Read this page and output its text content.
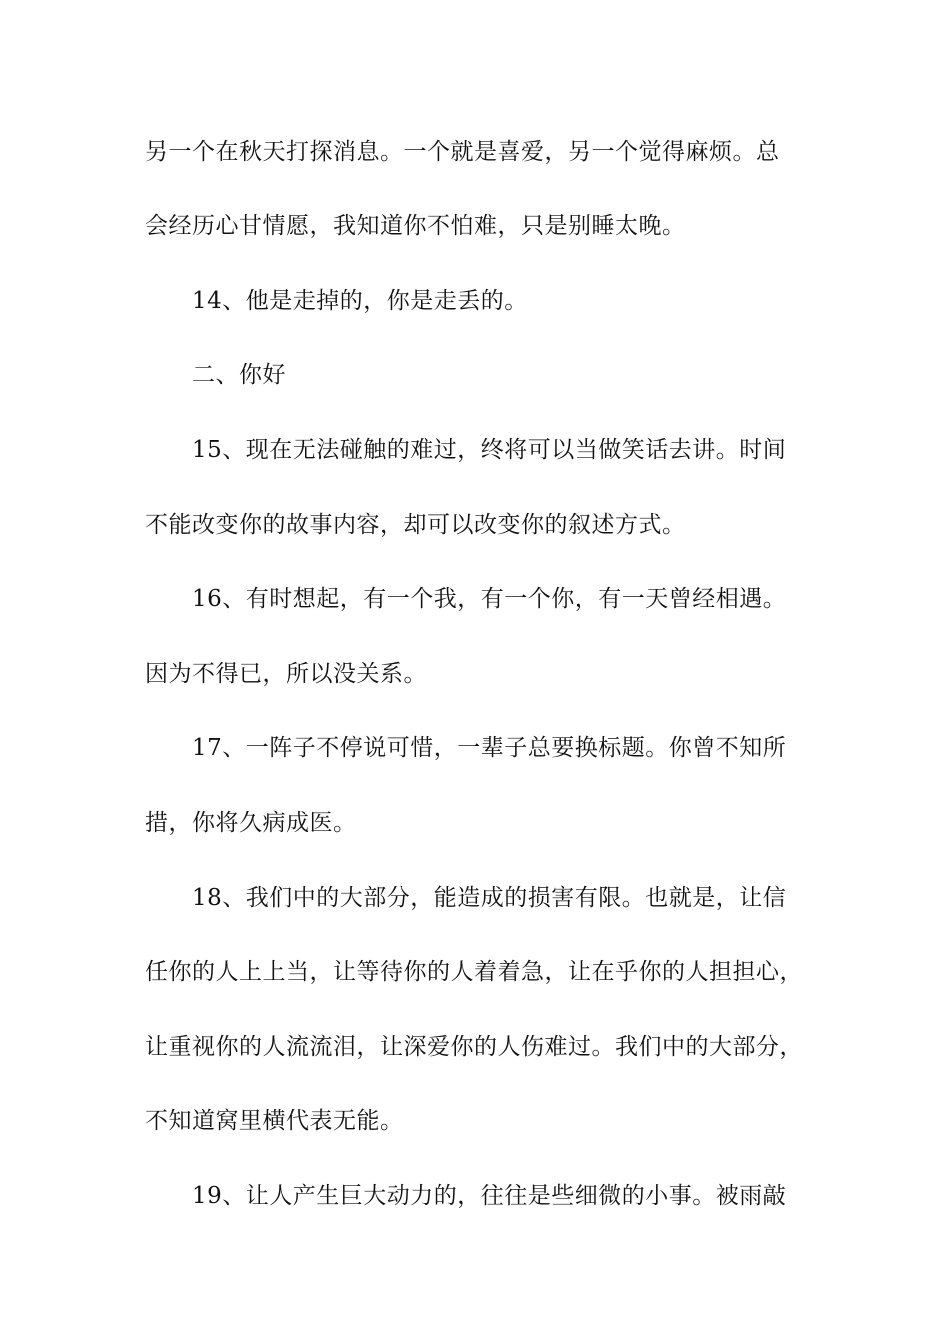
另一个在秋天打探消息。一个就是喜爱，另一个觉得麻烦。总

会经历心甘情愿，我知道你不怕难，只是别睡太晚。

14、他是走掉的，你是走丢的。

二、你好

15、现在无法碰触的难过，终将可以当做笑话去讲。时间

不能改变你的故事内容，却可以改变你的叙述方式。

16、有时想起，有一个我，有一个你，有一天曾经相遇。

因为不得已，所以没关系。

17、一阵子不停说可惜，一辈子总要换标题。你曾不知所

措，你将久病成医。

18、我们中的大部分，能造成的损害有限。也就是，让信

任你的人上上当，让等待你的人着着急，让在乎你的人担担心，

让重视你的人流流泪，让深爱你的人伤难过。我们中的大部分，

不知道窝里横代表无能。

19、让人产生巨大动力的，往往是些细微的小事。被雨敲
